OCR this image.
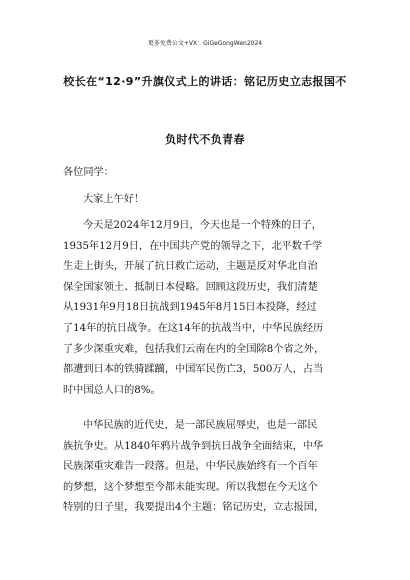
更多免费公文+VX：GiGeGongWen2024
校长在“12·9”升旗仪式上的讲话：铭记历史立志报国不
负时代不负青春
各位同学：
大家上午好！
今天是2024年12月9日，今天也是一个特殊的日子，
1935年12月9日，在中国共产党的领导之下，北平数千学
生走上街头，开展了抗日救亡运动，主题是反对华北自治
保全国家领土、抵制日本侵略。回顾这段历史，我们清楚
从1931年9月18日抗战到1945年8月15日本投降，经过
了14年的抗日战争。在这14年的抗战当中，中华民族经历
了多少深重灾难，包括我们云南在内的全国除8个省之外，
都遭到日本的铁骑蹂躏，中国军民伤亡3，500万人，占当
时中国总人口的8%。
中华民族的近代史，是一部民族屈辱史，也是一部民
族抗争史。从1840年鸦片战争到抗日战争全面结束，中华
民族深重灾难告一段落。但是，中华民族始终有一个百年
的梦想，这个梦想至今都未能实现。所以我想在今天这个
特别的日子里，我要提出4个主题：铭记历史，立志报国，
